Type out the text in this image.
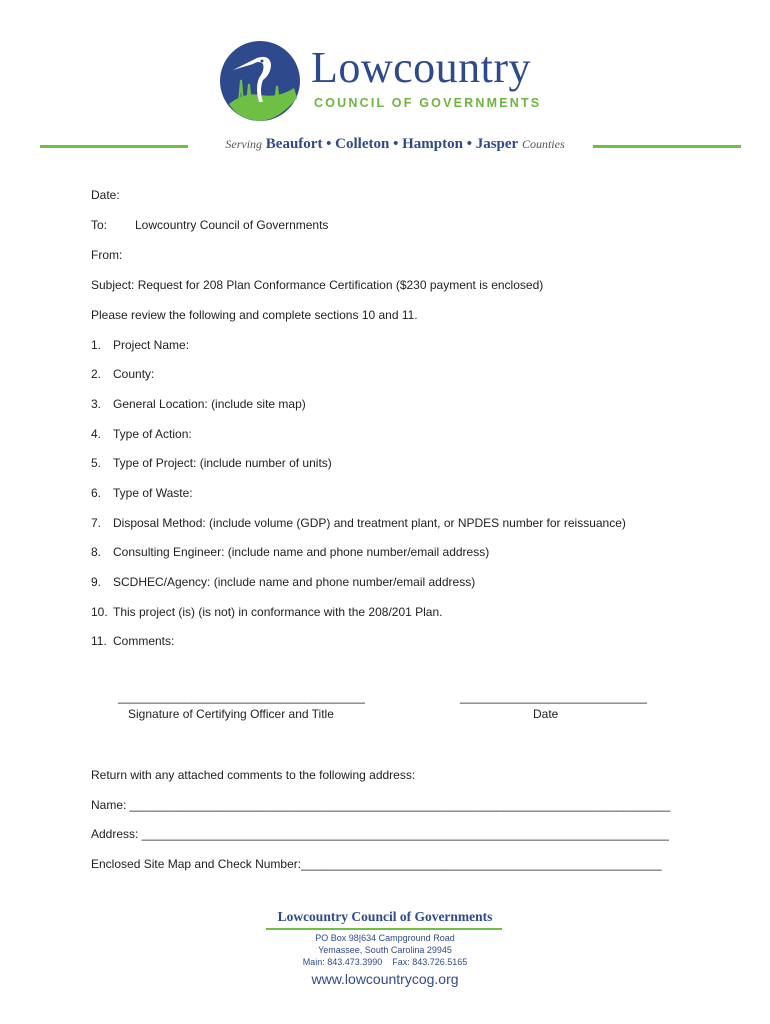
Lowcountry
COUNCIL OF GOVERNMENTS
Serving Beaufort • Colleton • Hampton • Jasper Counties
Date:
To: Lowcountry Council of Governments
From:
Subject: Request for 208 Plan Conformance Certification ($230 payment is enclosed)
Please review the following and complete sections 10 and 11.
1. Project Name:
2. County:
3. General Location: (include site map)
4. Type of Action:
5. Type of Project: (include number of units)
6. Type of Waste:
7. Disposal Method: (include volume (GDP) and treatment plant, or NPDES number for reissuance)
8. Consulting Engineer: (include name and phone number/email address)
9. SCDHEC/Agency: (include name and phone number/email address)
10. This project (is) (is not) in conformance with the 208/201 Plan.
11. Comments:
_____________________________________
Signature of Certifying Officer and Title
____________________________
Date
Return with any attached comments to the following address:
Name: _________________________________________________________________________________
Address: _______________________________________________________________________________
Enclosed Site Map and Check Number:______________________________________________________
Lowcountry Council of Governments
PO Box 98|634 Campground Road
Yemassee, South Carolina 29945
Main: 843.473.3990    Fax: 843.726.5165
www.lowcountrycog.org
